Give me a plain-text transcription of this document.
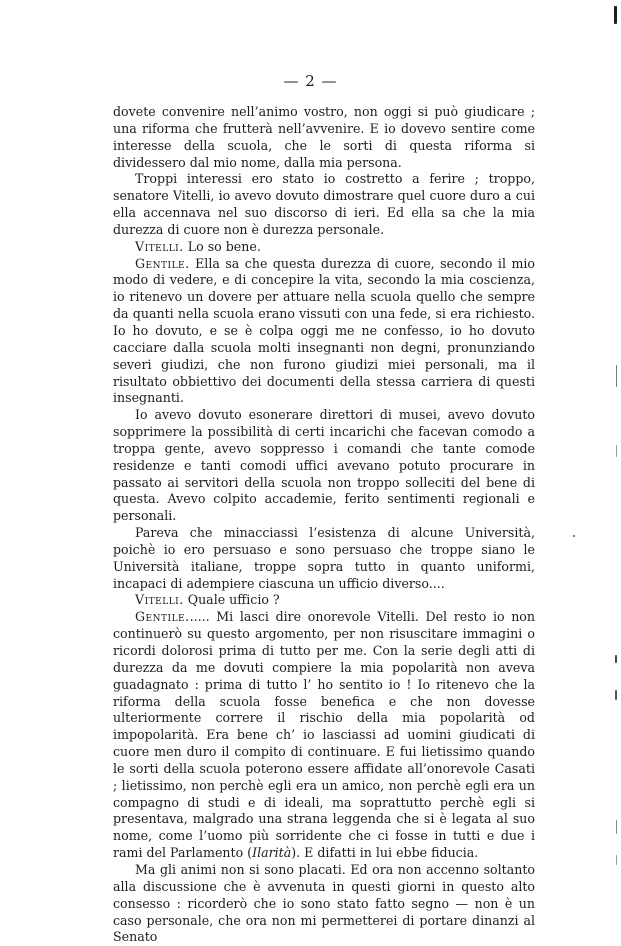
— 2 —

dovete convenire nell’animo vostro, non oggi si può giudicare ; una riforma che frutterà nell’avvenire. E io dovevo sentire come interesse della scuola, che le sorti di questa riforma si dividessero dal mio nome, dalla mia persona.

Troppi interessi ero stato io costretto a ferire ; troppo, senatore Vitelli, io avevo dovuto dimostrare quel cuore duro a cui ella accennava nel suo discorso di ieri. Ed ella sa che la mia durezza di cuore non è durezza personale.

Vitelli. Lo so bene.

Gentile. Ella sa che questa durezza di cuore, secondo il mio modo di vedere, e di concepire la vita, secondo la mia coscienza, io ritenevo un dovere per attuare nella scuola quello che sempre da quanti nella scuola erano vissuti con una fede, si era richiesto. Io ho dovuto, e se è colpa oggi me ne confesso, io ho dovuto cacciare dalla scuola molti insegnanti non degni, pronunziando severi giudizi, che non furono giudizi miei personali, ma il risultato obbiettivo dei documenti della stessa carriera di questi insegnanti.

Io avevo dovuto esonerare direttori di musei, avevo dovuto sopprimere la possibilità di certi incarichi che facevan comodo a troppa gente, avevo soppresso i comandi che tante comode residenze e tanti comodi uffici avevano potuto procurare in passato ai servitori della scuola non troppo solleciti del bene di questa. Avevo colpito accademie, ferito sentimenti regionali e personali.

Pareva che minacciassi l’esistenza di alcune Università, poichè io ero persuaso e sono persuaso che troppe siano le Università italiane, troppe sopra tutto in quanto uniformi, incapaci di adempiere ciascuna un ufficio diverso....

Vitelli. Quale ufficio ?

Gentile...... Mi lasci dire onorevole Vitelli. Del resto io non continuerò su questo argomento, per non risuscitare immagini o ricordi dolorosi prima di tutto per me. Con la serie degli atti di durezza da me dovuti compiere la mia popolarità non aveva guadagnato : prima di tutto l’ ho sentito io ! Io ritenevo che la riforma della scuola fosse benefica e che non dovesse ulteriormente correre il rischio della mia popolarità od impopolarità. Era bene ch’ io lasciassi ad uomini giudicati di cuore men duro il compito di continuare. E fui lietissimo quando le sorti della scuola poterono essere affidate all’onorevole Casati ; lietissimo, non perchè egli era un amico, non perchè egli era un compagno di studi e di ideali, ma soprattutto perchè egli si presentava, malgrado una strana leggenda che si è legata al suo nome, come l’uomo più sorridente che ci fosse in tutti e due i rami del Parlamento (Ilarità). E difatti in lui ebbe fiducia.

Ma gli animi non si sono placati. Ed ora non accenno soltanto alla discussione che è avvenuta in questi giorni in questo alto consesso : ricorderò che io sono stato fatto segno — non è un caso personale, che ora non mi permetterei di portare dinanzi al Senato
